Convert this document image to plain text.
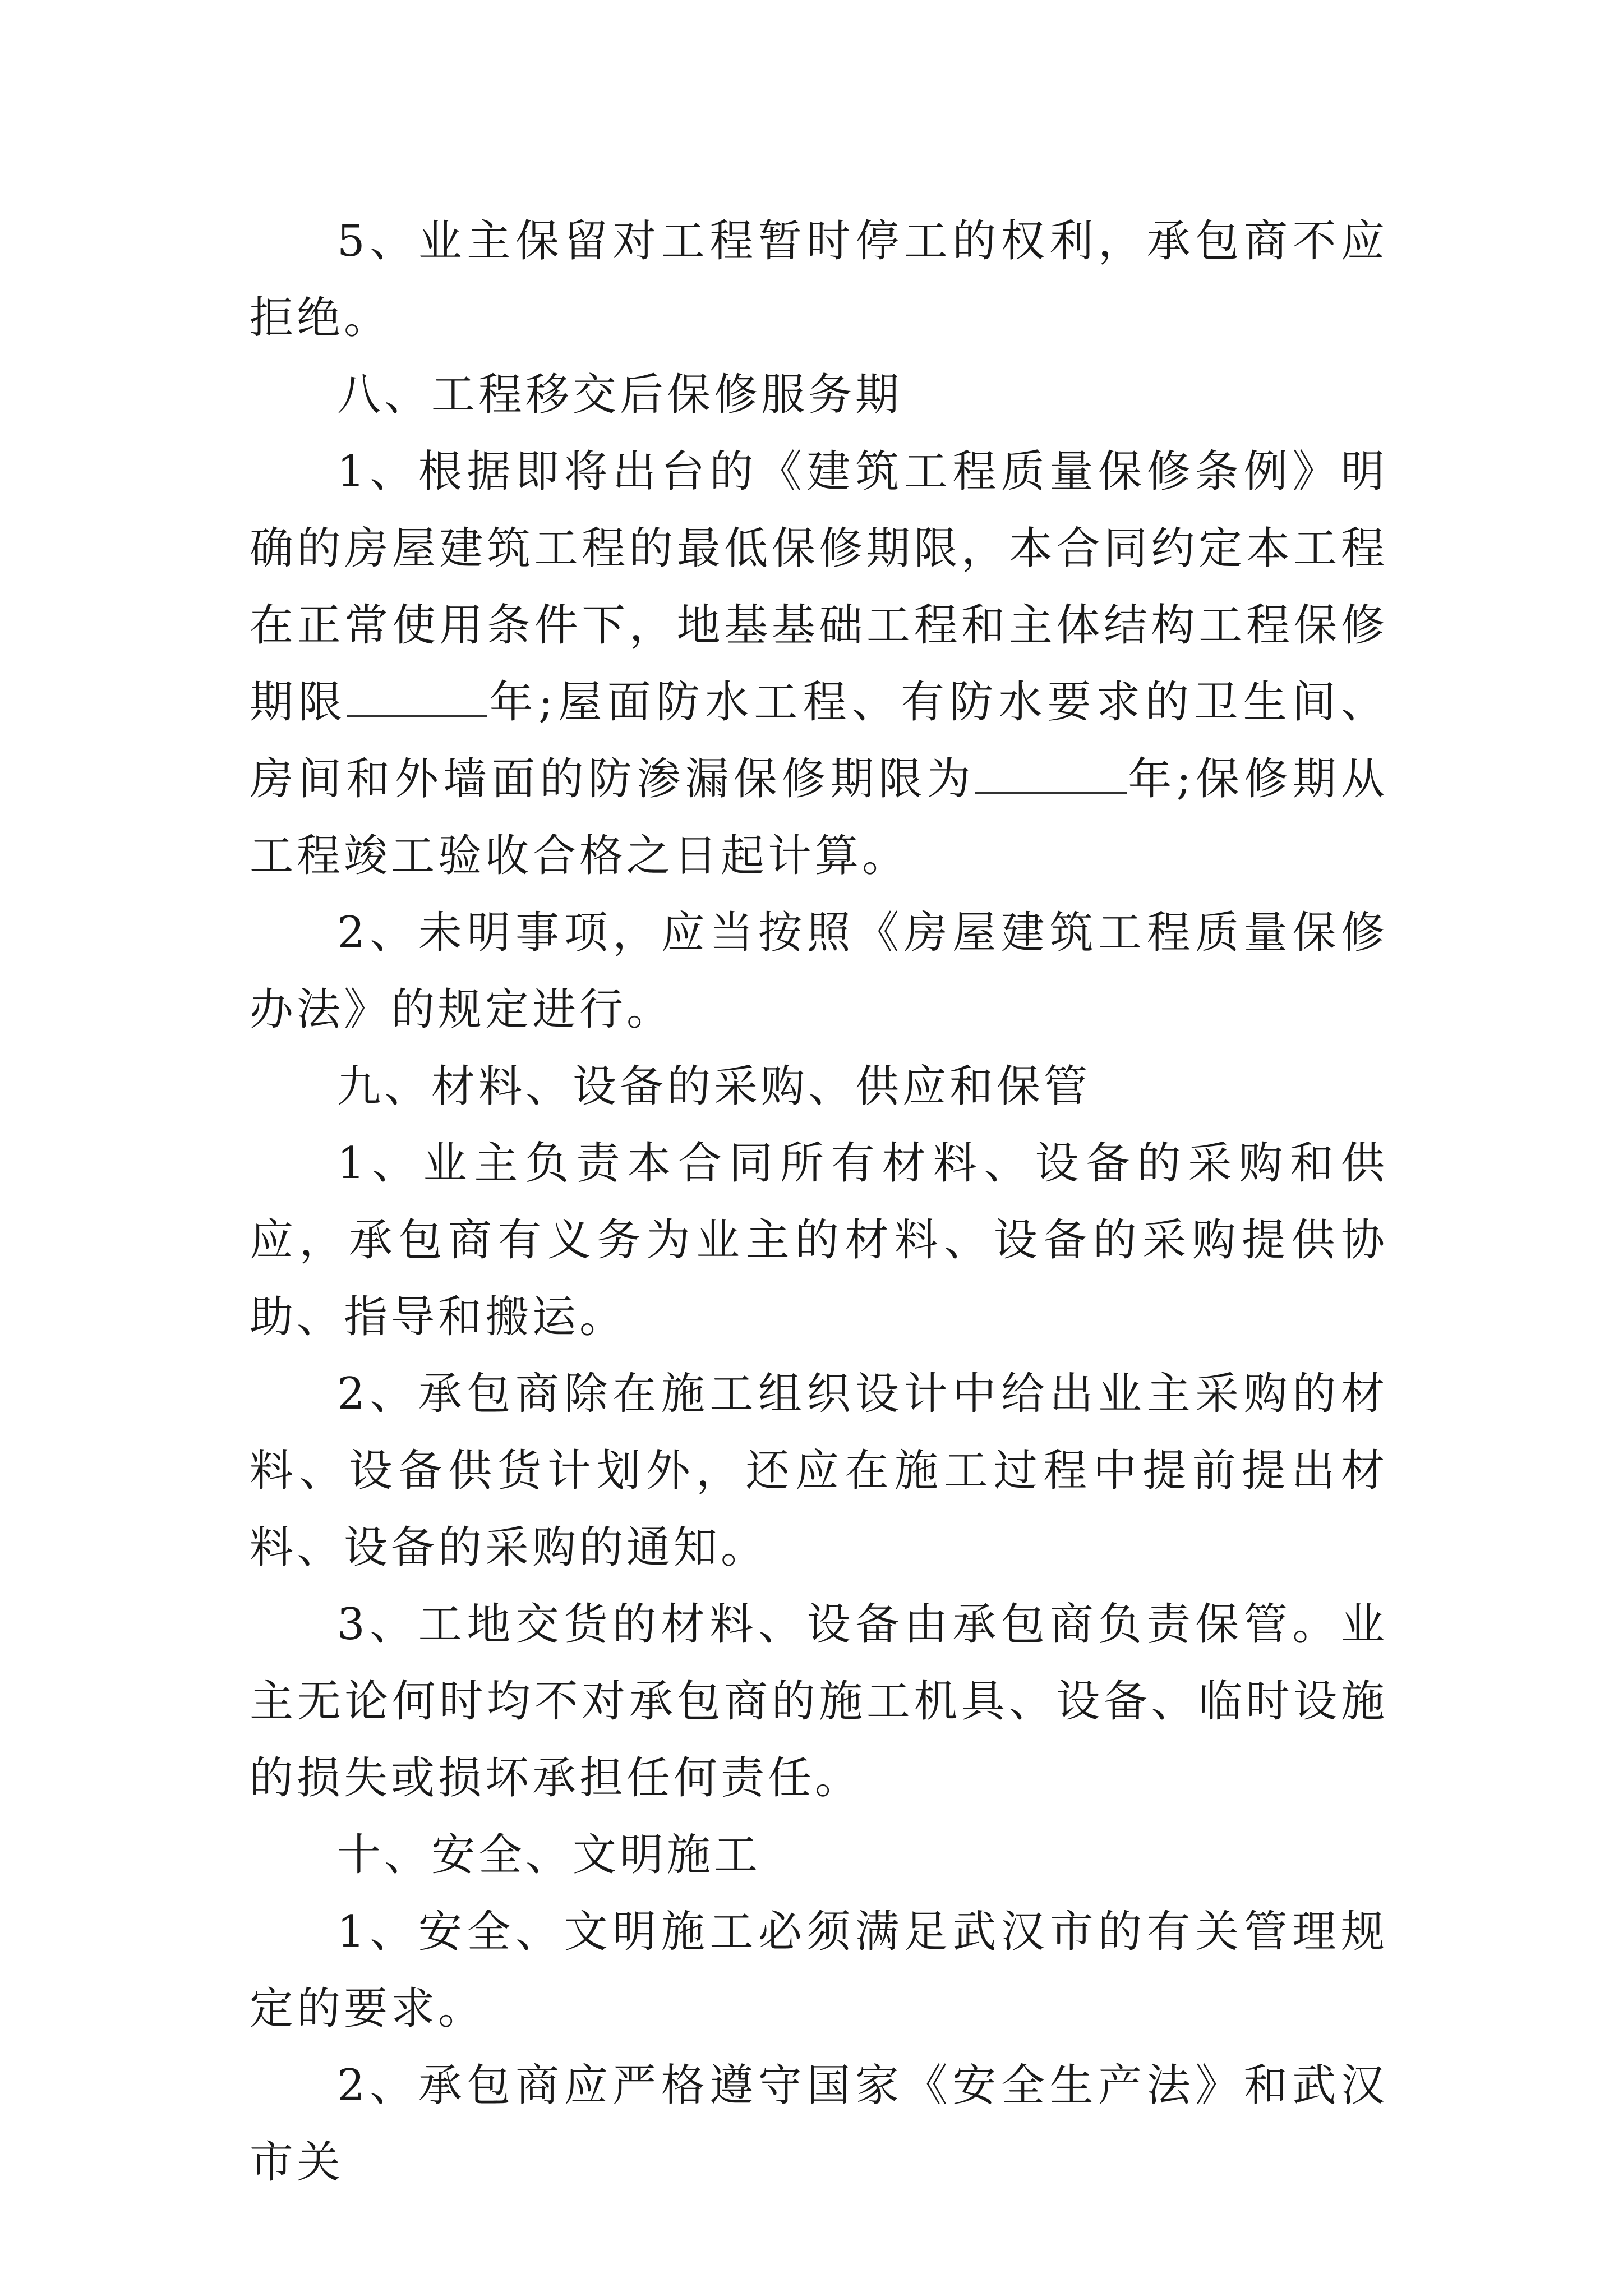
5、业主保留对工程暂时停工的权利，承包商不应拒绝。

八、工程移交后保修服务期

1、根据即将出台的《建筑工程质量保修条例》明确的房屋建筑工程的最低保修期限，本合同约定本工程在正常使用条件下，地基基础工程和主体结构工程保修期限	年;屋面防水工程、有防水要求的卫生间、房间和外墙面的防渗漏保修期限为	年;保修期从工程竣工验收合格之日起计算。

2、未明事项，应当按照《房屋建筑工程质量保修办法》的规定进行。

九、材料、设备的采购、供应和保管

1、业主负责本合同所有材料、设备的采购和供应，承包商有义务为业主的材料、设备的采购提供协助、指导和搬运。

2、承包商除在施工组织设计中给出业主采购的材料、设备供货计划外，还应在施工过程中提前提出材料、设备的采购的通知。

3、工地交货的材料、设备由承包商负责保管。业主无论何时均不对承包商的施工机具、设备、临时设施的损失或损坏承担任何责任。

十、安全、文明施工

1、安全、文明施工必须满足武汉市的有关管理规定的要求。

2、承包商应严格遵守国家《安全生产法》和武汉市关
